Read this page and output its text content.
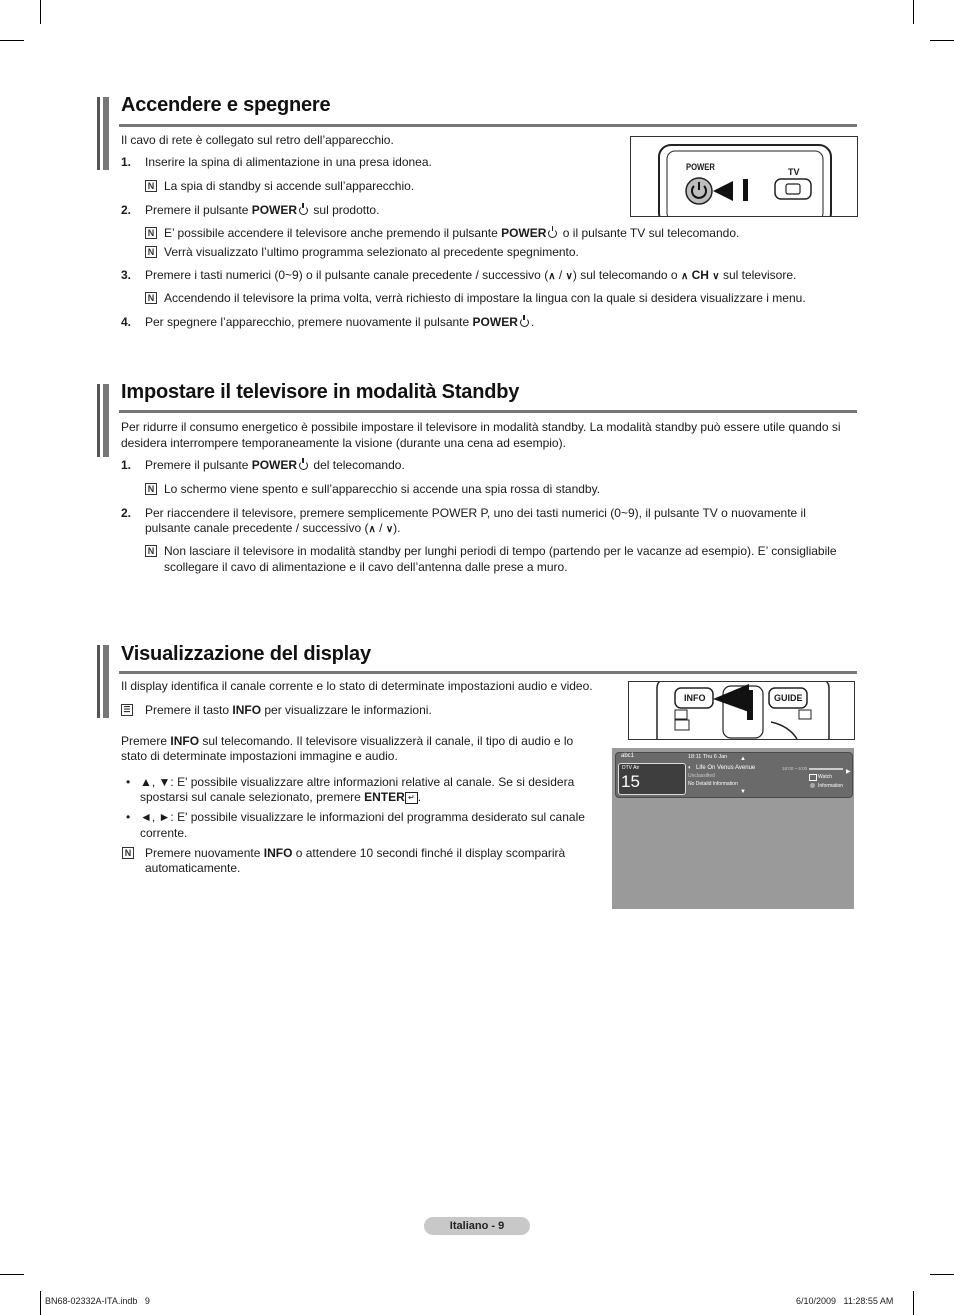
Accendere e spegnere
Il cavo di rete è collegato sul retro dell’apparecchio.
1. Inserire la spina di alimentazione in una presa idonea.
N La spia di standby si accende sull’apparecchio.
2. Premere il pulsante POWER sul prodotto.
N E’ possibile accendere il televisore anche premendo il pulsante POWER o il pulsante TV sul telecomando.
N Verrà visualizzato l’ultimo programma selezionato al precedente spegnimento.
3. Premere i tasti numerici (0~9) o il pulsante canale precedente / successivo (∧ / ∨) sul telecomando o ∧ CH ∨ sul televisore.
N Accendendo il televisore la prima volta, verrà richiesto di impostare la lingua con la quale si desidera visualizzare i menu.
4. Per spegnere l’apparecchio, premere nuovamente il pulsante POWER .
POWER	TV
Impostare il televisore in modalità Standby
Per ridurre il consumo energetico è possibile impostare il televisore in modalità standby. La modalità standby può essere utile quando si
desidera interrompere temporaneamente la visione (durante una cena ad esempio).
1. Premere il pulsante POWER del telecomando.
N Lo schermo viene spento e sull’apparecchio si accende una spia rossa di standby.
2. Per riaccendere il televisore, premere semplicemente POWER P, uno dei tasti numerici (0~9), il pulsante TV o nuovamente il
pulsante canale precedente / successivo (∧ / ∨).
N Non lasciare il televisore in modalità standby per lunghi periodi di tempo (partendo per le vacanze ad esempio). E’ consigliabile
scollegare il cavo di alimentazione e il cavo dell’antenna dalle prese a muro.
Visualizzazione del display
Il display identifica il canale corrente e lo stato di determinate impostazioni audio e video.
☰ Premere il tasto INFO per visualizzare le informazioni.
Premere INFO sul telecomando. Il televisore visualizzerà il canale, il tipo di audio e lo
stato di determinate impostazioni immagine e audio.
• ▲, ▼: E' possibile visualizzare altre informazioni relative al canale. Se si desidera
spostarsi sul canale selezionato, premere ENTER ↵ .
• ◄, ►: E' possibile visualizzare le informazioni del programma desiderato sul canale
corrente.
N Premere nuovamente INFO o attendere 10 secondi finché il display scomparirà
automaticamente.
INFO	GUIDE
abc1
DTV Air
15
18:11 Thu 6 Jan ▲
◐ Life On Venus Avenue
Unclassified
No Detaild Information
▼
18:00 ~ 6:00
Watch
Information
▶
Italiano - 9
BN68-02332A-ITA.indb   9	6/10/2009   11:28:55 AM
